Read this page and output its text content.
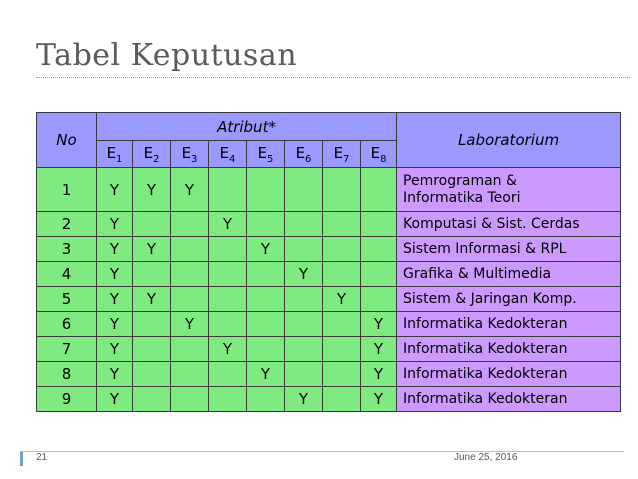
Tabel Keputusan
No	Atribut*								Laboratorium
	$E_1$	$E_2$	$E_3$	$E_4$	$E_5$	$E_6$	$E_7$	$E_8$
1	Y	Y	Y						Pemrograman &
Informatika Teori

2	Y			Y					Komputasi & Sist. Cerdas

3	Y	Y			Y				Sistem Informasi & RPL

4	Y					Y			Grafika & Multimedia

5	Y	Y					Y		Sistem & Jaringan Komp.

6	Y		Y					Y	Informatika Kedokteran

7	Y			Y				Y	Informatika Kedokteran

8	Y				Y			Y	Informatika Kedokteran

9	Y					Y		Y	Informatika Kedokteran
21	June 25, 2016
